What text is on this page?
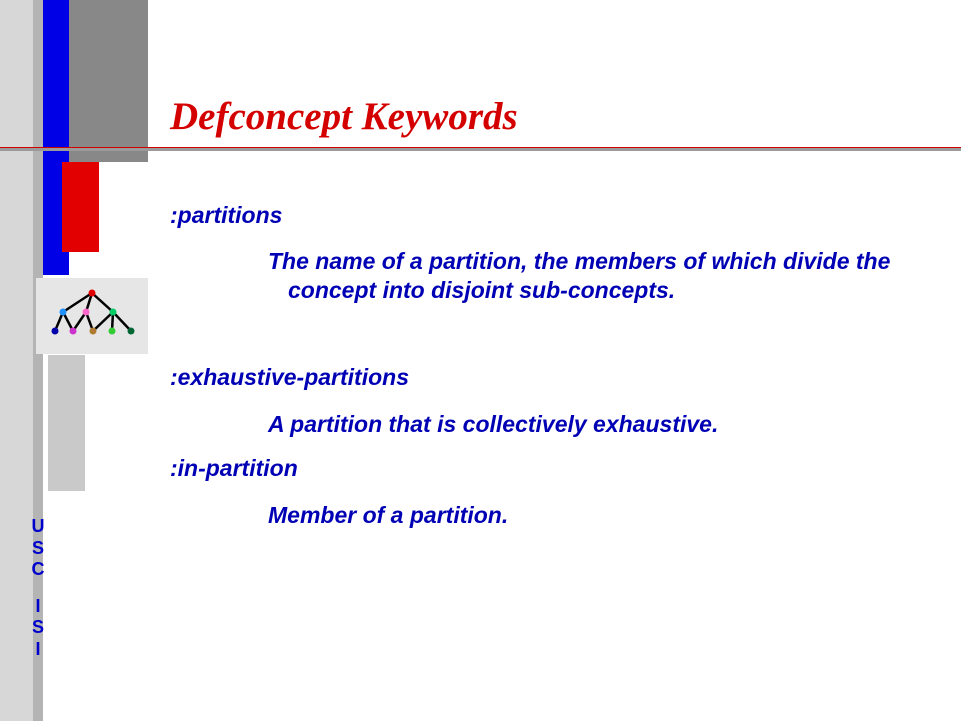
Defconcept Keywords
:partitions
The name of a partition, the members of which divide the concept into disjoint sub-concepts.
:exhaustive-partitions
A partition that is collectively exhaustive.
:in-partition
Member of a partition.
U
S
C
I
S
I
